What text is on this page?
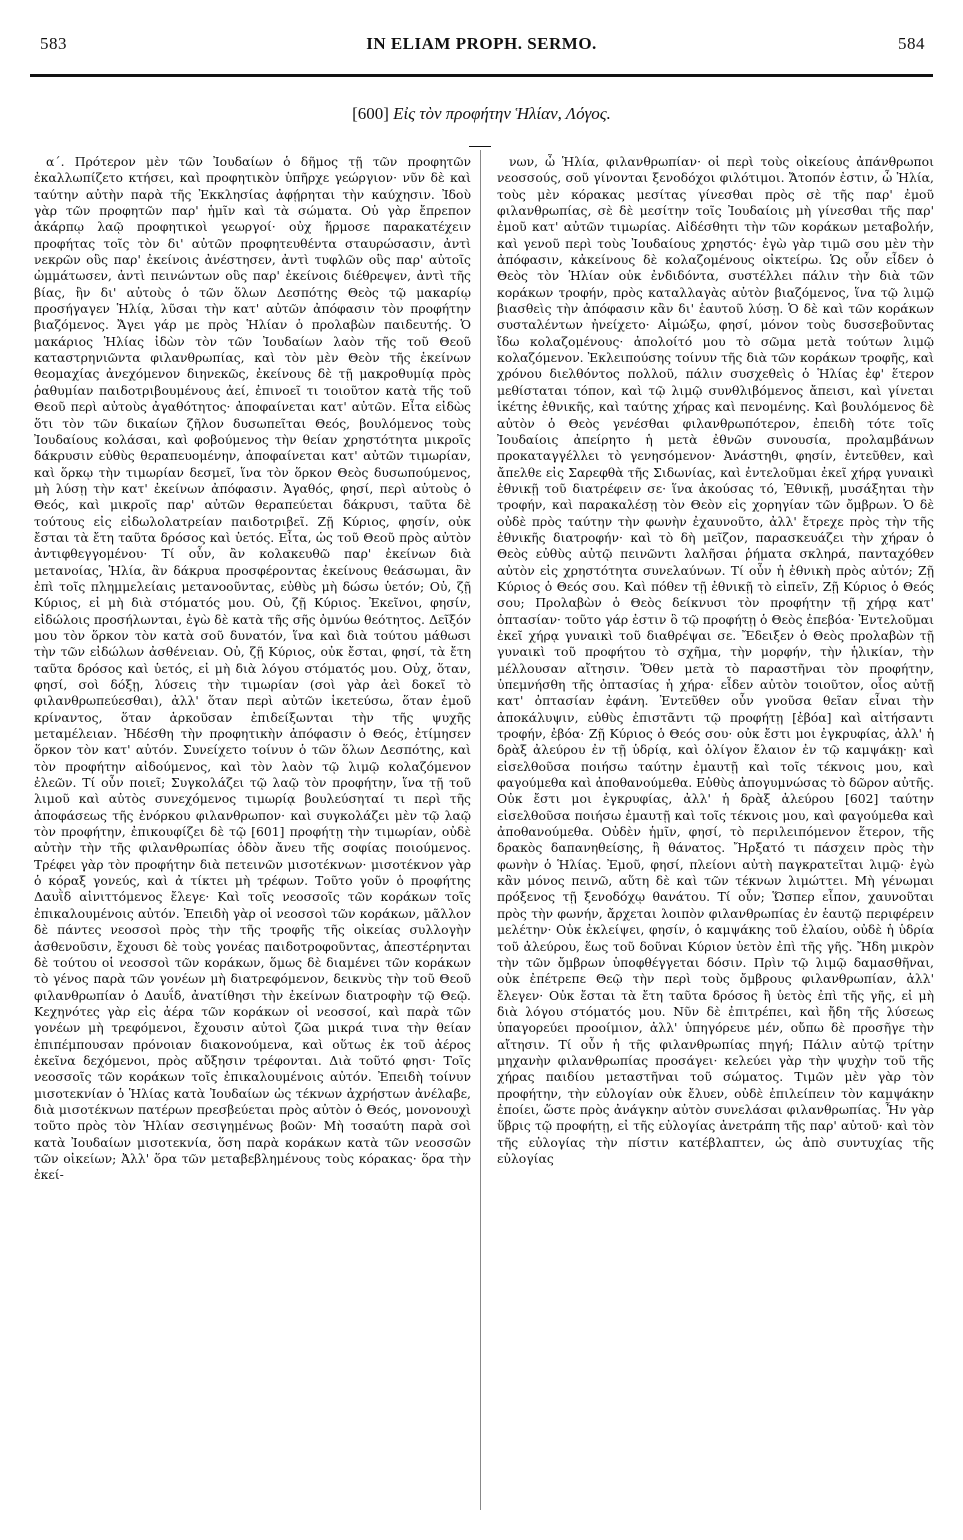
583	IN ELIAM PROPH. SERMO.	584
[600] Εἰς τὸν προφήτην Ἡλίαν, Λόγος.

α΄. Πρότερον μὲν τῶν Ἰουδαίων ὁ δῆμος τῇ τῶν προφητῶν ἐκαλλωπίζετο κτήσει, καὶ προφητικὸν ὑπῆρχε γεώργιον· νῦν δὲ καὶ ταύτην αὐτὴν παρὰ τῆς Ἐκκλησίας ἀφῄρηται τὴν καύχησιν. Ἰδοὺ γὰρ τῶν προφητῶν παρ' ἡμῖν καὶ τὰ σώματα. Οὐ γὰρ ἔπρεπον ἀκάρπῳ λαῷ προφητικοὶ γεωργοί· οὐχ ἥρμοσε παρακατέχειν προφήτας τοῖς τὸν δι' αὐτῶν προφητευθέντα σταυρώσασιν, ἀντὶ νεκρῶν οὓς παρ' ἐκείνοις ἀνέστησεν, ἀντὶ τυφλῶν οὓς παρ' αὐτοῖς ὠμμάτωσεν, ἀντὶ πεινώντων οὓς παρ' ἐκείνοις διέθρεψεν, ἀντὶ τῆς βίας, ἣν δι' αὐτοὺς ὁ τῶν ὅλων Δεσπότης Θεὸς τῷ μακαρίῳ προσήγαγεν Ἡλίᾳ, λῦσαι τὴν κατ' αὐτῶν ἀπόφασιν τὸν προφήτην βιαζόμενος. Ἄγει γάρ με πρὸς Ἡλίαν ὁ προλαβὼν παιδευτής. Ὁ μακάριος Ἡλίας ἰδὼν τὸν τῶν Ἰουδαίων λαὸν τῆς τοῦ Θεοῦ καταστρηνιῶντα φιλανθρωπίας, καὶ τὸν μὲν Θεὸν τῆς ἐκείνων θεομαχίας ἀνεχόμενον διηνεκῶς, ἐκείνους δὲ τῇ μακροθυμίᾳ πρὸς ῥαθυμίαν παιδοτριβουμένους ἀεί, ἐπινοεῖ τι τοιοῦτον κατὰ τῆς τοῦ Θεοῦ περὶ αὐτοὺς ἀγαθότητος· ἀποφαίνεται κατ' αὐτῶν. Εἶτα εἰδὼς ὅτι τὸν τῶν δικαίων ζῆλον δυσωπεῖται Θεός, βουλόμενος τοὺς Ἰουδαίους κολάσαι, καὶ φοβούμενος τὴν θείαν χρηστότητα μικροῖς δάκρυσιν εὐθὺς θεραπευομένην, ἀποφαίνεται κατ' αὐτῶν τιμωρίαν, καὶ ὅρκῳ τὴν τιμωρίαν δεσμεῖ, ἵνα τὸν ὅρκον Θεὸς δυσωπούμενος, μὴ λύσῃ τὴν κατ' ἐκείνων ἀπόφασιν. Ἀγαθός, φησί, περὶ αὐτοὺς ὁ Θεός, καὶ μικροῖς παρ' αὐτῶν θεραπεύεται δάκρυσι, ταῦτα δὲ τούτους εἰς εἰδωλολατρείαν παιδοτριβεῖ. Ζῇ Κύριος, φησίν, οὐκ ἔσται τὰ ἔτη ταῦτα δρόσος καὶ ὑετός. Εἶτα, ὡς τοῦ Θεοῦ πρὸς αὐτὸν ἀντιφθεγγομένου· Τί οὖν, ἂν κολακευθῶ παρ' ἐκείνων διὰ μετανοίας, Ἡλία, ἂν δάκρυα προσφέροντας ἐκείνους θεάσωμαι, ἂν ἐπὶ τοῖς πλημμελείαις μετανοοῦντας, εὐθὺς μὴ δώσω ὑετόν; Οὐ, ζῇ Κύριος, εἰ μὴ διὰ στόματός μου. Οὐ, ζῇ Κύριος. Ἐκεῖνοι, φησίν, εἰδώλοις προσήλωνται, ἐγὼ δὲ κατὰ τῆς σῆς ὀμνύω θεότητος. Δεῖξόν μου τὸν ὅρκον τὸν κατὰ σοῦ δυνατόν, ἵνα καὶ διὰ τούτου μάθωσι τὴν τῶν εἰδώλων ἀσθένειαν. Οὐ, ζῇ Κύριος, οὐκ ἔσται, φησί, τὰ ἔτη ταῦτα δρόσος καὶ ὑετός, εἰ μὴ διὰ λόγου στόματός μου. Οὐχ, ὅταν, φησί, σοὶ δόξῃ, λύσεις τὴν τιμωρίαν (σοὶ γὰρ ἀεὶ δοκεῖ τὸ φιλανθρωπεύεσθαι), ἀλλ' ὅταν περὶ αὐτῶν ἱκετεύσω, ὅταν ἐμοῦ κρίναντος, ὅταν ἀρκοῦσαν ἐπιδείξωνται τὴν τῆς ψυχῆς μεταμέλειαν. Ἠδέσθη τὴν προφητικὴν ἀπόφασιν ὁ Θεός, ἐτίμησεν ὅρκον τὸν κατ' αὐτόν. Συνείχετο τοίνυν ὁ τῶν ὅλων Δεσπότης, καὶ τὸν προφήτην αἰδούμενος, καὶ τὸν λαὸν τῷ λιμῷ κολαζόμενον ἐλεῶν. Τί οὖν ποιεῖ; Συγκολάζει τῷ λαῷ τὸν προφήτην, ἵνα τῇ τοῦ λιμοῦ καὶ αὐτὸς συνεχόμενος τιμωρίᾳ βουλεύσηταί τι περὶ τῆς ἀποφάσεως τῆς ἐνόρκου φιλανθρωπον· καὶ συγκολάζει μὲν τῷ λαῷ τὸν προφήτην, ἐπικουφίζει δὲ τῷ [601] προφήτῃ τὴν τιμωρίαν, οὐδὲ αὐτὴν τὴν τῆς φιλανθρωπίας ὁδὸν ἄνευ τῆς σοφίας ποιούμενος. Τρέφει γὰρ τὸν προφήτην διὰ πετεινῶν μισοτέκνων· μισοτέκνον γὰρ ὁ κόραξ γονεύς, καὶ ἀ τίκτει μὴ τρέφων. Τοῦτο γοῦν ὁ προφήτης Δαυῒδ αἰνιττόμενος ἔλεγε· Καὶ τοῖς νεοσσοῖς τῶν κοράκων τοῖς ἐπικαλουμένοις αὐτόν. Ἐπειδὴ γὰρ οἱ νεοσσοὶ τῶν κοράκων, μᾶλλον δὲ πάντες νεοσσοὶ πρὸς τὴν τῆς τροφῆς τῆς οἰκείας συλλογὴν ἀσθενοῦσιν, ἔχουσι δὲ τοὺς γονέας παιδοτροφοῦντας, ἀπεστέρηνται δὲ τούτου οἱ νεοσσοὶ τῶν κοράκων, ὅμως δὲ διαμένει τῶν κοράκων τὸ γένος παρὰ τῶν γονέων μὴ διατρεφόμενον, δεικνὺς τὴν τοῦ Θεοῦ φιλανθρωπίαν ὁ Δαυΐδ, ἀνατίθησι τὴν ἐκείνων διατροφὴν τῷ Θεῷ. Κεχηνότες γὰρ εἰς ἀέρα τῶν κοράκων οἱ νεοσσοί, καὶ παρὰ τῶν γονέων μὴ τρεφόμενοι, ἔχουσιν αὐτοὶ ζῶα μικρά τινα τὴν θείαν ἐπιπέμπουσαν πρόνοιαν διακονούμενα, καὶ οὕτως ἐκ τοῦ ἀέρος ἐκεῖνα δεχόμενοι, πρὸς αὔξησιν τρέφονται. Διὰ τοῦτό φησι· Τοῖς νεοσσοῖς τῶν κοράκων τοῖς ἐπικαλουμένοις αὐτόν. Ἐπειδὴ τοίνυν μισοτεκνίαν ὁ Ἡλίας κατὰ Ἰουδαίων ὡς τέκνων ἀχρήστων ἀνέλαβε, διὰ μισοτέκνων πατέρων πρεσβεύεται πρὸς αὐτὸν ὁ Θεός, μονονουχὶ τοῦτο πρὸς τὸν Ἡλίαν σεσιγημένως βοῶν· Μὴ τοσαύτη παρὰ σοὶ κατὰ Ἰουδαίων μισοτεκνία, ὅση παρὰ κοράκων κατὰ τῶν νεοσσῶν τῶν οἰκείων; Ἀλλ' ὅρα τῶν μεταβεβλημένους τοὺς κόρακας· ὅρα τὴν ἐκεί-

νων, ὦ Ἡλία, φιλανθρωπίαν· οἱ περὶ τοὺς οἰκείους ἀπάνθρωποι νεοσσούς, σοῦ γίνονται ξενοδόχοι φιλότιμοι. Ἄτοπόν ἐστιν, ὦ Ἡλία, τοὺς μὲν κόρακας μεσίτας γίνεσθαι πρὸς σὲ τῆς παρ' ἐμοῦ φιλανθρωπίας, σὲ δὲ μεσίτην τοῖς Ἰουδαίοις μὴ γίνεσθαι τῆς παρ' ἐμοῦ κατ' αὐτῶν τιμωρίας. Αἰδέσθητι τὴν τῶν κοράκων μεταβολήν, καὶ γενοῦ περὶ τοὺς Ἰουδαίους χρηστός· ἐγὼ γὰρ τιμῶ σου μὲν τὴν ἀπόφασιν, κἀκείνους δὲ κολαζομένους οἰκτείρω. Ὡς οὖν εἶδεν ὁ Θεὸς τὸν Ἡλίαν οὐκ ἐνδιδόντα, συστέλλει πάλιν τὴν διὰ τῶν κοράκων τροφήν, πρὸς καταλλαγὰς αὐτὸν βιαζόμενος, ἵνα τῷ λιμῷ βιασθεὶς τὴν ἀπόφασιν κἂν δι' ἑαυτοῦ λύσῃ. Ὁ δὲ καὶ τῶν κοράκων συσταλέντων ἠνείχετο· Αἱμώξω, φησί, μόνον τοὺς δυσσεβοῦντας ἴδω κολαζομένους· ἀπολοίτό μου τὸ σῶμα μετὰ τούτων λιμῷ κολαζόμενον. Ἐκλειπούσης τοίνυν τῆς διὰ τῶν κοράκων τροφῆς, καὶ χρόνου διελθόντος πολλοῦ, πάλιν συσχεθεὶς ὁ Ἡλίας ἐφ' ἕτερον μεθίσταται τόπον, καὶ τῷ λιμῷ συνθλιβόμενος ἄπεισι, καὶ γίνεται ἱκέτης ἐθνικῆς, καὶ ταύτης χήρας καὶ πενομένης. Καὶ βουλόμενος δὲ αὐτὸν ὁ Θεὸς γενέσθαι φιλανθρωπότερον, ἐπειδὴ τότε τοῖς Ἰουδαίοις ἀπείρητο ἡ μετὰ ἐθνῶν συνουσία, προλαμβάνων προκαταγγέλλει τὸ γενησόμενον· Ἀνάστηθι, φησίν, ἐντεῦθεν, καὶ ἄπελθε εἰς Σαρεφθὰ τῆς Σιδωνίας, καὶ ἐντελοῦμαι ἐκεῖ χήρᾳ γυναικὶ ἐθνικῇ τοῦ διατρέφειν σε· ἵνα ἀκούσας τό, Ἐθνικῇ, μυσάξηται τὴν τροφήν, καὶ παρακαλέσῃ τὸν Θεὸν εἰς χορηγίαν τῶν ὄμβρων. Ὁ δὲ οὐδὲ πρὸς ταύτην τὴν φωνὴν ἐχαυνοῦτο, ἀλλ' ἔτρεχε πρὸς τὴν τῆς ἐθνικῆς διατροφήν· καὶ τὸ δὴ μεῖζον, παρασκευάζει τὴν χήραν ὁ Θεὸς εὐθὺς αὐτῷ πεινῶντι λαλῆσαι ῥήματα σκληρά, πανταχόθεν αὐτὸν εἰς χρηστότητα συνελαύνων. Τί οὖν ἡ ἐθνικὴ πρὸς αὐτόν; Ζῇ Κύριος ὁ Θεός σου. Καὶ πόθεν τῇ ἐθνικῇ τὸ εἰπεῖν, Ζῇ Κύριος ὁ Θεός σου; Προλαβὼν ὁ Θεὸς δείκνυσι τὸν προφήτην τῇ χήρᾳ κατ' ὀπτασίαν· τοῦτο γάρ ἐστιν ὃ τῷ προφήτῃ ὁ Θεὸς ἐπεβόα· Ἐντελοῦμαι ἐκεῖ χήρᾳ γυναικὶ τοῦ διαθρέψαι σε. Ἔδειξεν ὁ Θεὸς προλαβὼν τῇ γυναικὶ τοῦ προφήτου τὸ σχῆμα, τὴν μορφήν, τὴν ἡλικίαν, τὴν μέλλουσαν αἴτησιν. Ὅθεν μετὰ τὸ παραστῆναι τὸν προφήτην, ὑπεμνήσθη τῆς ὀπτασίας ἡ χήρα· εἶδεν αὐτὸν τοιοῦτον, οἷος αὐτῇ κατ' ὀπτασίαν ἐφάνη. Ἐντεῦθεν οὖν γνοῦσα θεῖαν εἶναι τὴν ἀποκάλυψιν, εὐθὺς ἐπιστᾶντι τῷ προφήτῃ [ἐβόα] καὶ αἰτήσαντι τροφήν, ἐβόα· Ζῇ Κύριος ὁ Θεός σου· οὐκ ἔστι μοι ἐγκρυφίας, ἀλλ' ἡ δρὰξ ἀλεύρου ἐν τῇ ὑδρίᾳ, καὶ ὀλίγον ἔλαιον ἐν τῷ καμψάκῃ· καὶ εἰσελθοῦσα ποιήσω ταύτην ἐμαυτῇ καὶ τοῖς τέκνοις μου, καὶ φαγούμεθα καὶ ἀποθανούμεθα. Εὐθὺς ἀπογυμνώσας τὸ δῶρον αὐτῆς. Οὐκ ἔστι μοι ἐγκρυφίας, ἀλλ' ἡ δρὰξ ἀλεύρου [602] ταύτην εἰσελθοῦσα ποιήσω ἐμαυτῇ καὶ τοῖς τέκνοις μου, καὶ φαγούμεθα καὶ ἀποθανούμεθα. Οὐδὲν ἡμῖν, φησί, τὸ περιλειπόμενον ἕτερον, τῆς δρακὸς δαπανηθείσης, ἢ θάνατος. Ἤρξατό τι πάσχειν πρὸς τὴν φωνὴν ὁ Ἡλίας. Ἐμοῦ, φησί, πλείονι αὐτὴ παγκρατεῖται λιμῷ· ἐγὼ κἂν μόνος πεινῶ, αὕτη δὲ καὶ τῶν τέκνων λιμώττει. Μὴ γένωμαι πρόξενος τῇ ξενοδόχῳ θανάτου. Τί οὖν; Ὥσπερ εἶπον, χαυνοῦται πρὸς τὴν φωνήν, ἄρχεται λοιπὸν φιλανθρωπίας ἐν ἑαυτῷ περιφέρειν μελέτην· Οὐκ ἐκλείψει, φησίν, ὁ καμψάκης τοῦ ἐλαίου, οὐδὲ ἡ ὑδρία τοῦ ἀλεύρου, ἕως τοῦ δοῦναι Κύριον ὑετὸν ἐπὶ τῆς γῆς. Ἤδη μικρὸν τὴν τῶν ὄμβρων ὑποφθέγγεται δόσιν. Πρὶν τῷ λιμῷ δαμασθῆναι, οὐκ ἐπέτρεπε Θεῷ τὴν περὶ τοὺς ὄμβρους φιλανθρωπίαν, ἀλλ' ἔλεγεν· Οὐκ ἔσται τὰ ἔτη ταῦτα δρόσος ἢ ὑετὸς ἐπὶ τῆς γῆς, εἰ μὴ διὰ λόγου στόματός μου. Νῦν δὲ ἐπιτρέπει, καὶ ἤδη τῆς λύσεως ὑπαγορεύει προοίμιον, ἀλλ' ὑπηγόρευε μέν, οὔπω δὲ προσῆγε τὴν αἴτησιν. Τί οὖν ἡ τῆς φιλανθρωπίας πηγή; Πάλιν αὐτῷ τρίτην μηχανὴν φιλανθρωπίας προσάγει· κελεύει γὰρ τὴν ψυχὴν τοῦ τῆς χήρας παιδίου μεταστῆναι τοῦ σώματος. Τιμῶν μὲν γὰρ τὸν προφήτην, τὴν εὐλογίαν οὐκ ἔλυεν, οὐδὲ ἐπιλείπειν τὸν καμψάκην ἐποίει, ὥστε πρὸς ἀνάγκην αὐτὸν συνελάσαι φιλανθρωπίας. Ἦν γὰρ ὕβρις τῷ προφήτῃ, εἰ τῆς εὐλογίας ἀνετράπη τῆς παρ' αὐτοῦ· καὶ τὸν τῆς εὐλογίας τὴν πίστιν κατέβλαπτεν, ὡς ἀπὸ συντυχίας τῆς εὐλογίας
